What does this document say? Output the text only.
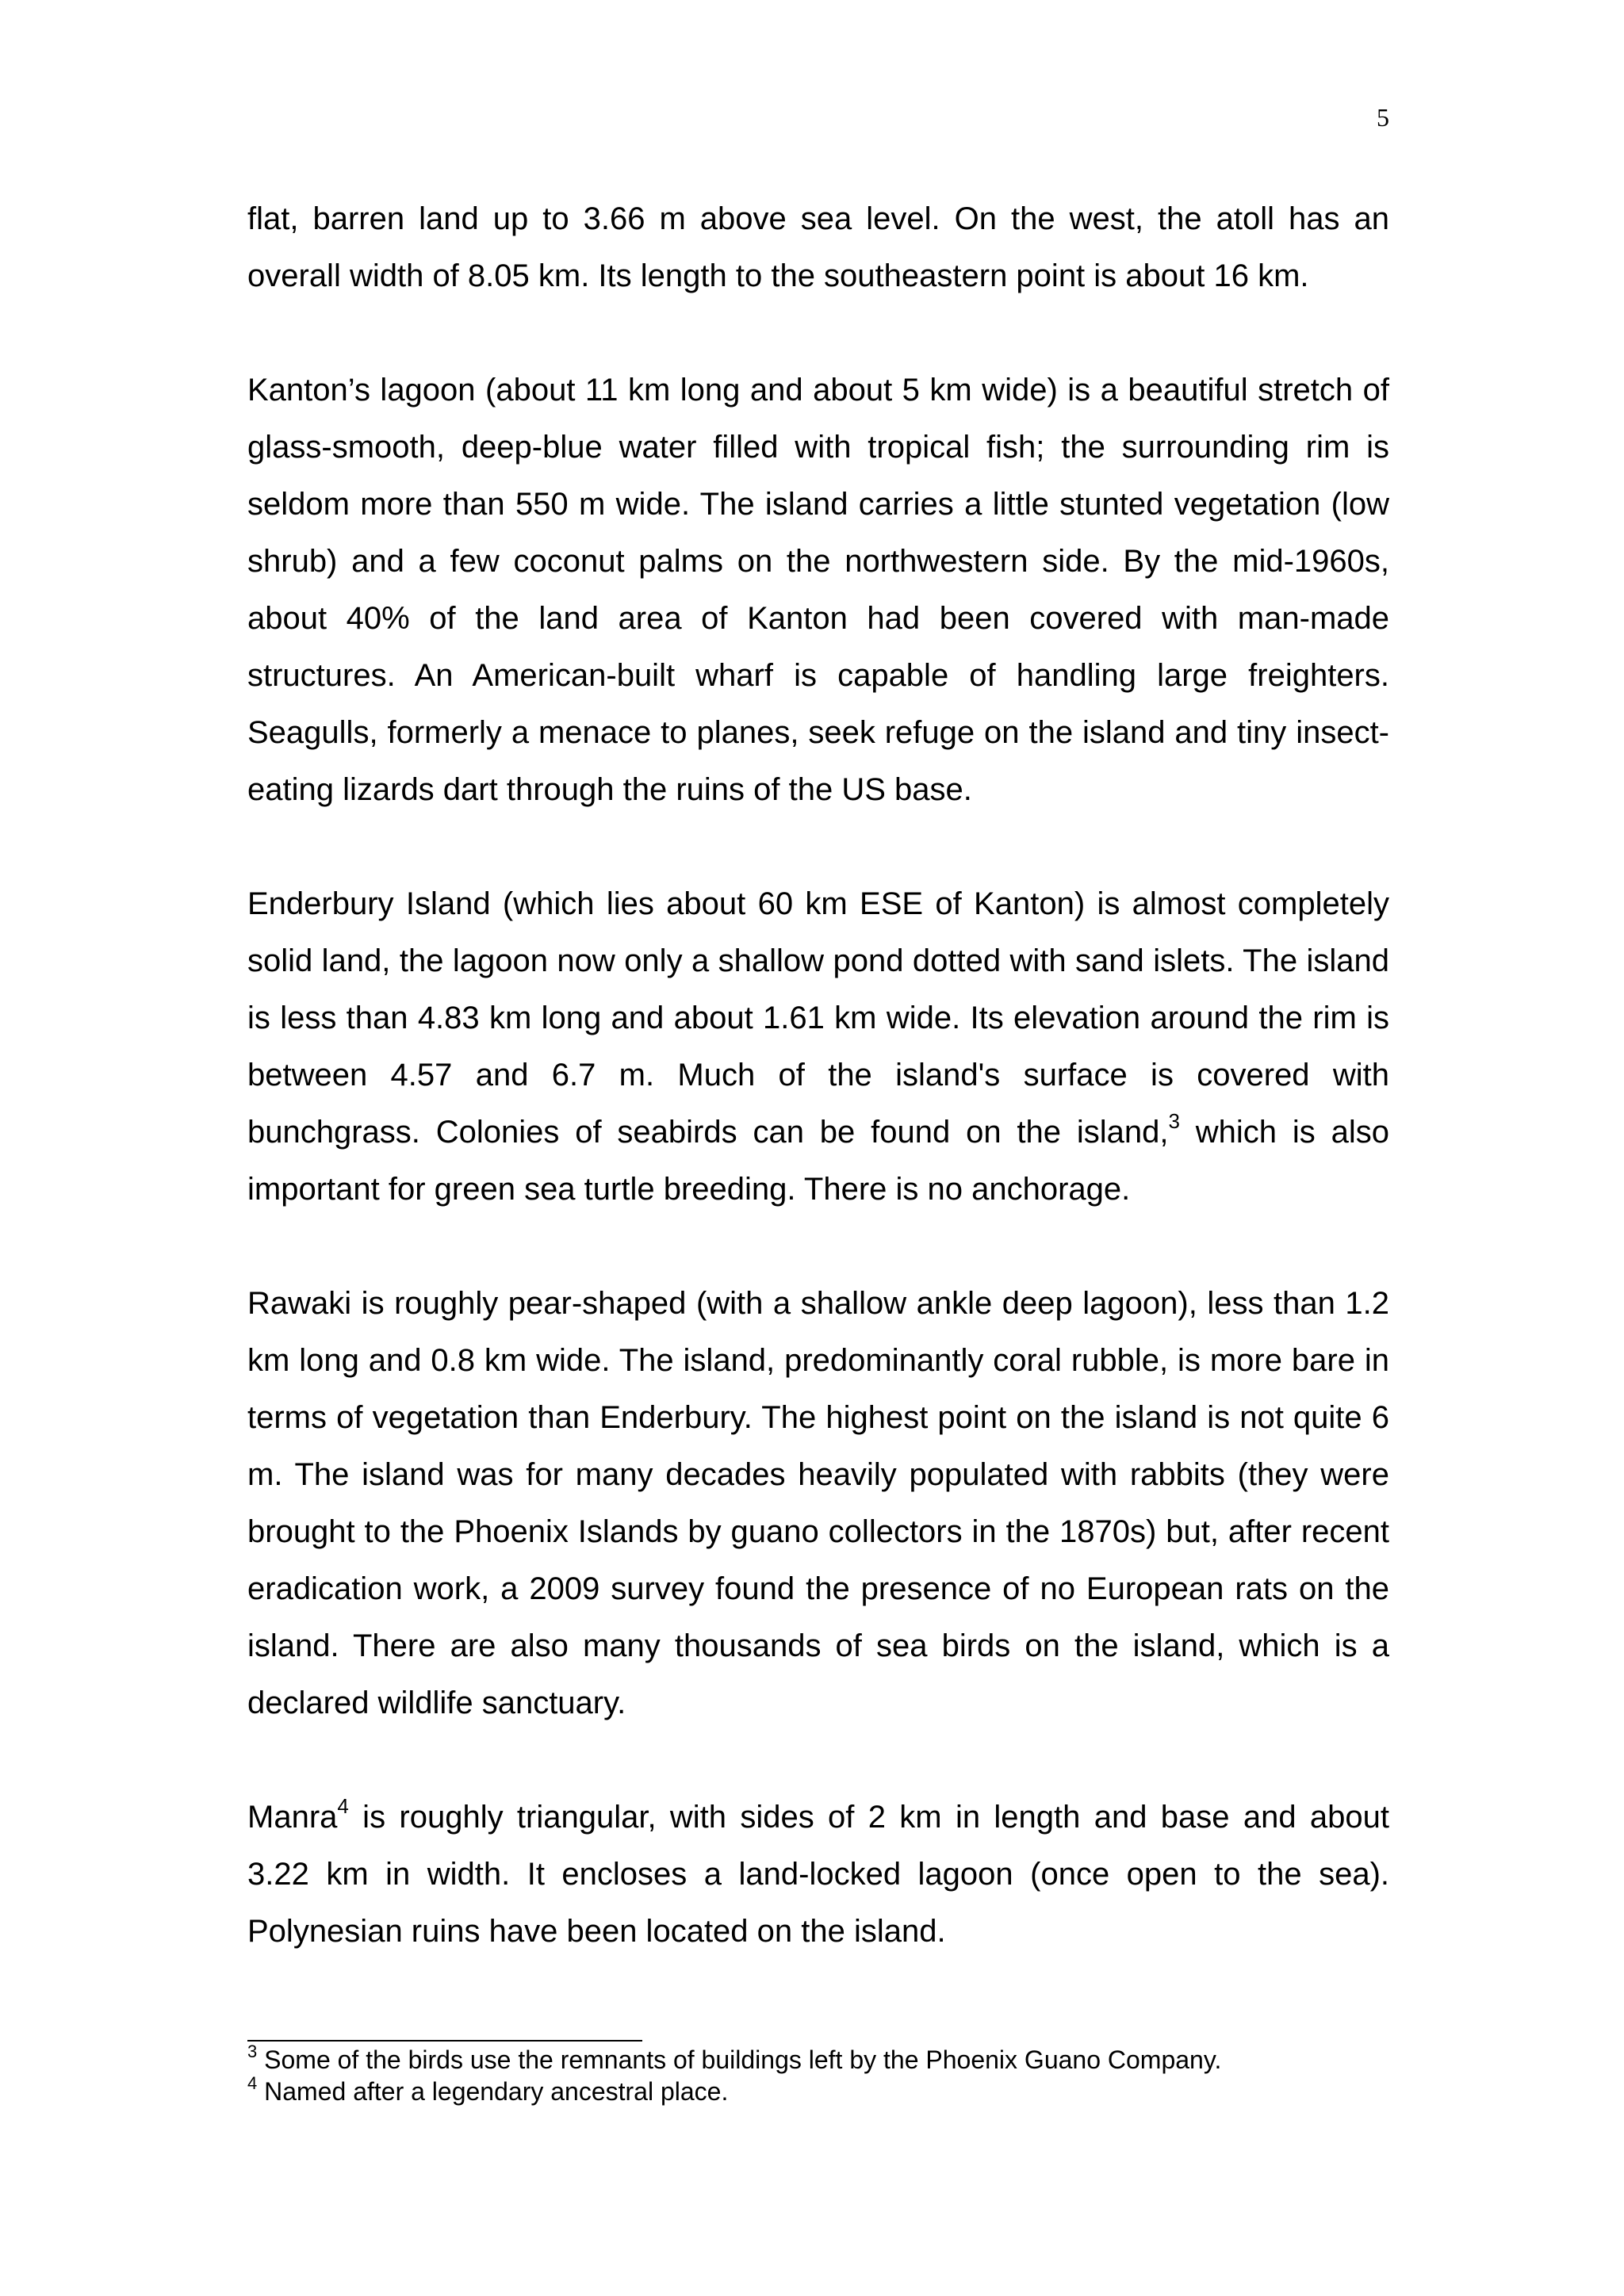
5

flat, barren land up to 3.66 m above sea level. On the west, the atoll has an overall width of 8.05 km. Its length to the southeastern point is about 16 km.

Kanton’s lagoon (about 11 km long and about 5 km wide) is a beautiful stretch of glass-smooth, deep-blue water filled with tropical fish; the surrounding rim is seldom more than 550 m wide. The island carries a little stunted vegetation (low shrub) and a few coconut palms on the northwestern side. By the mid-1960s, about 40% of the land area of Kanton had been covered with man-made structures. An American-built wharf is capable of handling large freighters. Seagulls, formerly a menace to planes, seek refuge on the island and tiny insect-eating lizards dart through the ruins of the US base.

Enderbury Island (which lies about 60 km ESE of Kanton) is almost completely solid land, the lagoon now only a shallow pond dotted with sand islets. The island is less than 4.83 km long and about 1.61 km wide. Its elevation around the rim is between 4.57 and 6.7 m. Much of the island's surface is covered with bunchgrass. Colonies of seabirds can be found on the island,$^3$ which is also important for green sea turtle breeding. There is no anchorage.

Rawaki is roughly pear-shaped (with a shallow ankle deep lagoon), less than 1.2 km long and 0.8 km wide. The island, predominantly coral rubble, is more bare in terms of vegetation than Enderbury. The highest point on the island is not quite 6 m. The island was for many decades heavily populated with rabbits (they were brought to the Phoenix Islands by guano collectors in the 1870s) but, after recent eradication work, a 2009 survey found the presence of no European rats on the island. There are also many thousands of sea birds on the island, which is a declared wildlife sanctuary.

Manra$^4$ is roughly triangular, with sides of 2 km in length and base and about 3.22 km in width. It encloses a land-locked lagoon (once open to the sea). Polynesian ruins have been located on the island.

$^3$ Some of the birds use the remnants of buildings left by the Phoenix Guano Company.
$^4$ Named after a legendary ancestral place.
